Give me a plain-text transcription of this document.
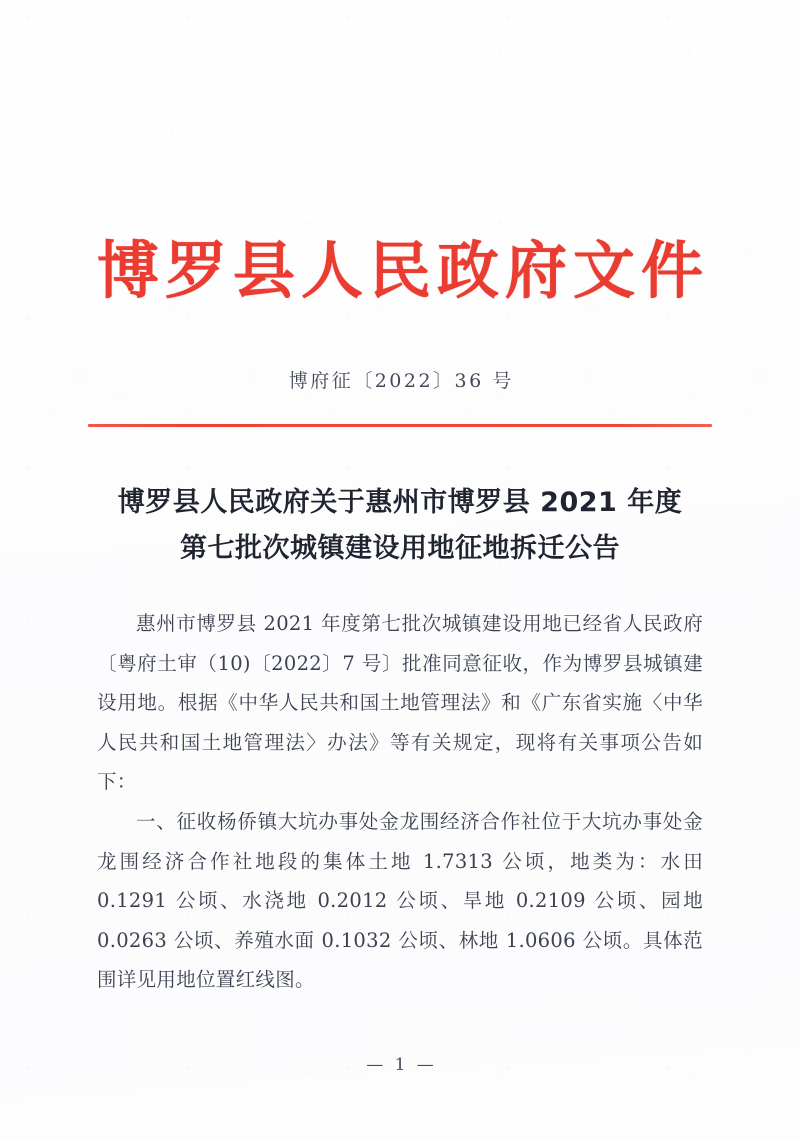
博罗县人民政府文件
博府征〔2022〕36 号
博罗县人民政府关于惠州市博罗县 2021 年度
第七批次城镇建设用地征地拆迁公告

惠州市博罗县 2021 年度第七批次城镇建设用地已经省人民政府〔粤府土审（10)〔2022〕7 号〕批准同意征收，作为博罗县城镇建设用地。根据《中华人民共和国土地管理法》和《广东省实施〈中华人民共和国土地管理法〉办法》等有关规定，现将有关事项公告如下：

一、征收杨侨镇大坑办事处金龙围经济合作社位于大坑办事处金龙围经济合作社地段的集体土地 1.7313 公顷，地类为：水田 0.1291 公顷、水浇地 0.2012 公顷、旱地 0.2109 公顷、园地 0.0263 公顷、养殖水面 0.1032 公顷、林地 1.0606 公顷。具体范围详见用地位置红线图。

— 1 —
